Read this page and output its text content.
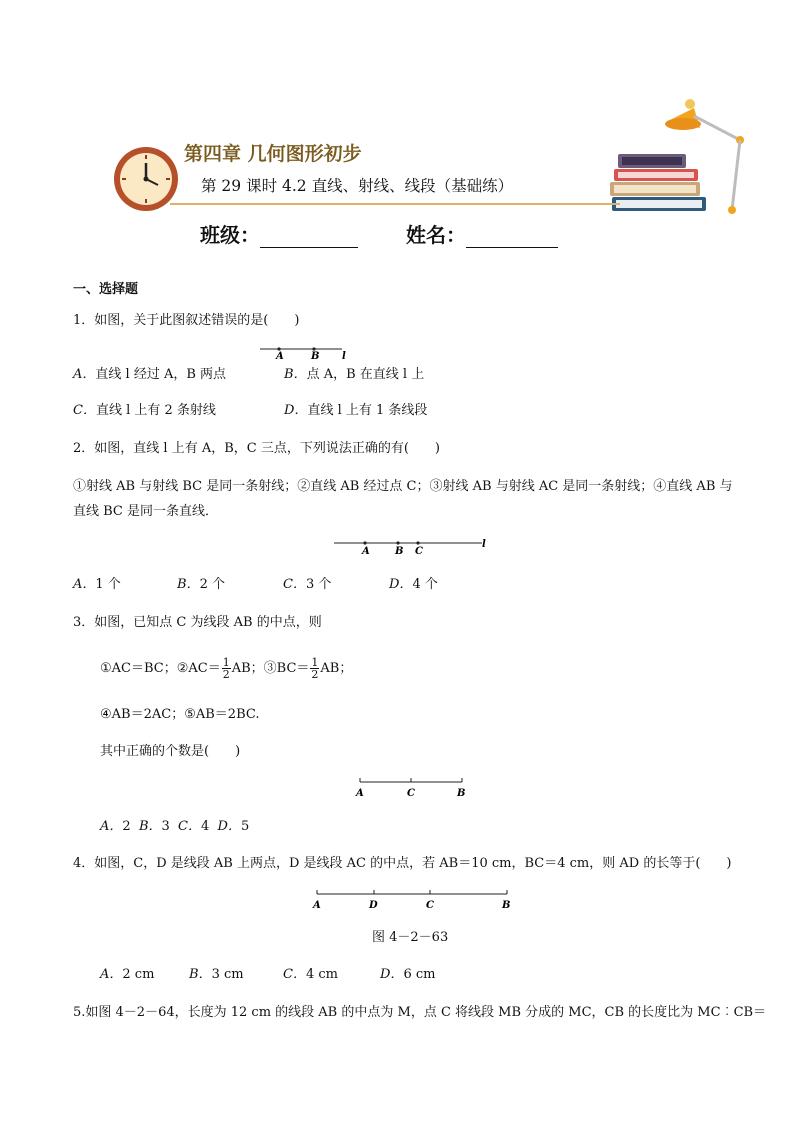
第四章 几何图形初步
第 29 课时 4.2 直线、射线、线段（基础练）
班级：	姓名：
一、选择题
1．如图，关于此图叙述错误的是(　　)
A	B l
A．直线 l 经过 A，B 两点	B．点 A，B 在直线 l 上
C．直线 l 上有 2 条射线	D．直线 l 上有 1 条线段
2．如图，直线 l 上有 A，B，C 三点，下列说法正确的有(　　)
①射线 AB 与射线 BC 是同一条射线；②直线 AB 经过点 C；③射线 AB 与射线 AC 是同一条射线；④直线 AB 与
直线 BC 是同一条直线．
A	B C
l
A．1 个	B．2 个	C．3 个	D．4 个
3．如图，已知点 C 为线段 AB 的中点，则
①AC＝BC；②AC＝ $\frac{1}{2}$ AB；③BC＝ $\frac{1}{2}$ AB；
④AB＝2AC；⑤AB＝2BC.
其中正确的个数是(　　)
A	C	B
A．2 B．3 C．4 D．5
4．如图，C，D 是线段 AB 上两点，D 是线段 AC 的中点，若 AB＝10 cm，BC＝4 cm，则 AD 的长等于(　　)
A	D	C	B
图 4－2－63
A．2 cm	B．3 cm	C．4 cm	D．6 cm
5.如图 4－2－64，长度为 12 cm 的线段 AB 的中点为 M，点 C 将线段 MB 分成的 MC，CB 的长度比为 MC︰CB＝
